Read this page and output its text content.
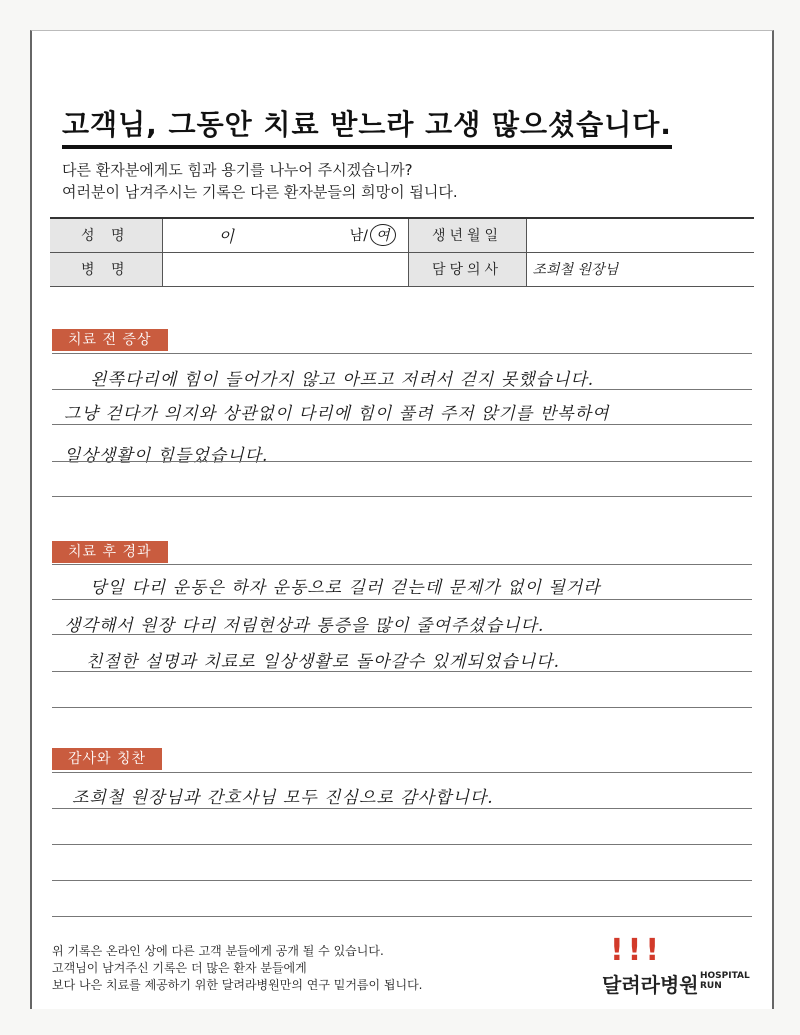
고객님, 그동안 치료 받느라 고생 많으셨습니다.
다른 환자분에게도 힘과 용기를 나누어 주시겠습니까?
여러분이 남겨주시는 기록은 다른 환자분들의 희망이 됩니다.
성 명	이 남/ 여	생년월일	
병 명		담당의사	조희철 원장님
치료 전 증상
왼쪽다리에 힘이 들어가지 않고 아프고 저려서 걷지 못했습니다.
그냥 걷다가 의지와 상관없이 다리에 힘이 풀려 주저 앉기를 반복하여
일상생활이 힘들었습니다.
치료 후 경과
당일 다리 운동은 하자 운동으로 길러 걷는데 문제가 없이 될거라
생각해서 원장 다리 저림현상과 통증을 많이 줄여주셨습니다.
친절한 설명과 치료로 일상생활로 돌아갈수 있게되었습니다.
감사와 칭찬
조희철 원장님과 간호사님 모두 진심으로 감사합니다.
위 기록은 온라인 상에 다른 고객 분들에게 공개 될 수 있습니다.
고객님이 남겨주신 기록은 더 많은 환자 분들에게
보다 나은 치료를 제공하기 위한 달려라병원만의 연구 밑거름이 됩니다.
!!!
달려라병원 HOSPITAL
RUN
